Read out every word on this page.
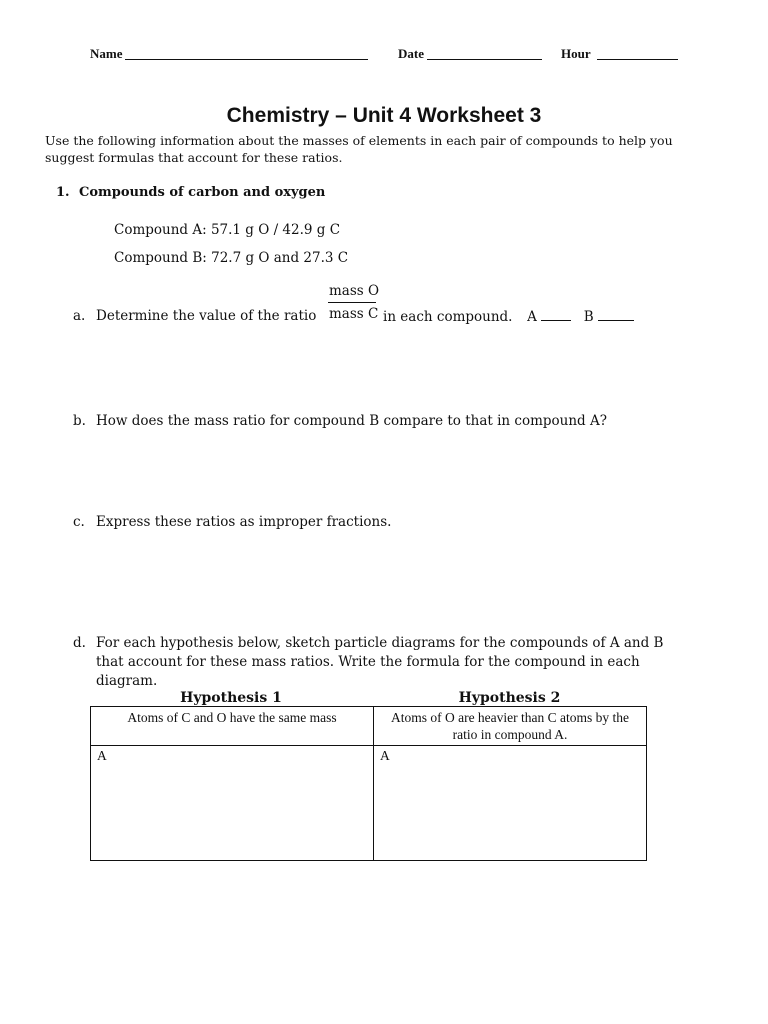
Name	Date	Hour
Chemistry – Unit 4 Worksheet 3
Use the following information about the masses of elements in each pair of compounds to help you suggest formulas that account for these ratios.
1. Compounds of carbon and oxygen
Compound A: 57.1 g O / 42.9 g C
Compound B: 72.7 g O and 27.3 C
mass O
mass C
a. Determine the value of the ratio	in each compound. A	B
b. How does the mass ratio for compound B compare to that in compound A?
c. Express these ratios as improper fractions.
d. For each hypothesis below, sketch particle diagrams for the compounds of A and B that account for these mass ratios. Write the formula for the compound in each diagram.
Hypothesis 1	Hypothesis 2
Atoms of C and O have the same mass	Atoms of O are heavier than C atoms by the ratio in compound A.
A	A
